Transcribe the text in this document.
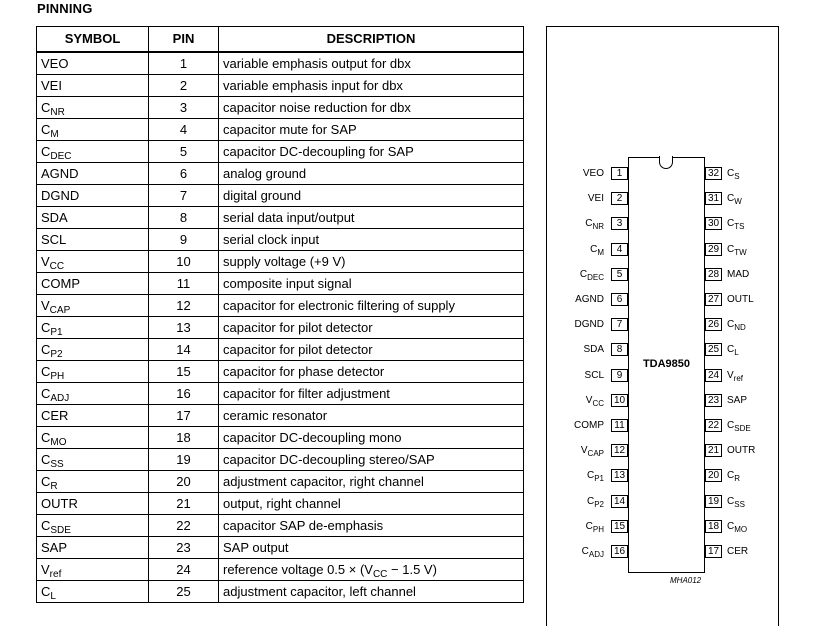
PINNING
SYMBOL	PIN	DESCRIPTION
VEO	1	variable emphasis output for dbx
VEI	2	variable emphasis input for dbx
$C_{NR}$	3	capacitor noise reduction for dbx
$C_M$	4	capacitor mute for SAP
$C_{DEC}$	5	capacitor DC-decoupling for SAP
AGND	6	analog ground
DGND	7	digital ground
SDA	8	serial data input/output
SCL	9	serial clock input
$V_{CC}$	10	supply voltage (+9 V)
COMP	11	composite input signal
$V_{CAP}$	12	capacitor for electronic filtering of supply
$C_{P1}$	13	capacitor for pilot detector
$C_{P2}$	14	capacitor for pilot detector
$C_{PH}$	15	capacitor for phase detector
$C_{ADJ}$	16	capacitor for filter adjustment
CER	17	ceramic resonator
$C_{MO}$	18	capacitor DC-decoupling mono
$C_{SS}$	19	capacitor DC-decoupling stereo/SAP
$C_R$	20	adjustment capacitor, right channel
OUTR	21	output, right channel
$C_{SDE}$	22	capacitor SAP de-emphasis
SAP	23	SAP output
$V_{ref}$	24	reference voltage $0.5 \times (V_{CC} - 1.5$ V)
$C_L$	25	adjustment capacitor, left channel
TDA9850
VEO	1
VEI	2
$C_{NR}$	3
$C_M$	4
$C_{DEC}$	5
AGND	6
DGND	7
SDA	8
SCL	9
$V_{CC}$ 10
COMP	11
$V_{CAP}$ 12
$C_{P1}$ 13
$C_{P2}$ 14
$C_{PH}$ 15
$C_{ADJ}$ 16
$C_S$
32
$C_W$
31
$C_{TS}$
30
$C_{TW}$
29
MAD
28
OUTL
27
$C_{ND}$
26
$C_L$
25
$V_{ref}$
24
SAP
23
$C_{SDE}$
22
OUTR
21
$C_R$
20
$C_{SS}$
19
$C_{MO}$
18
CER
17
MHA012
